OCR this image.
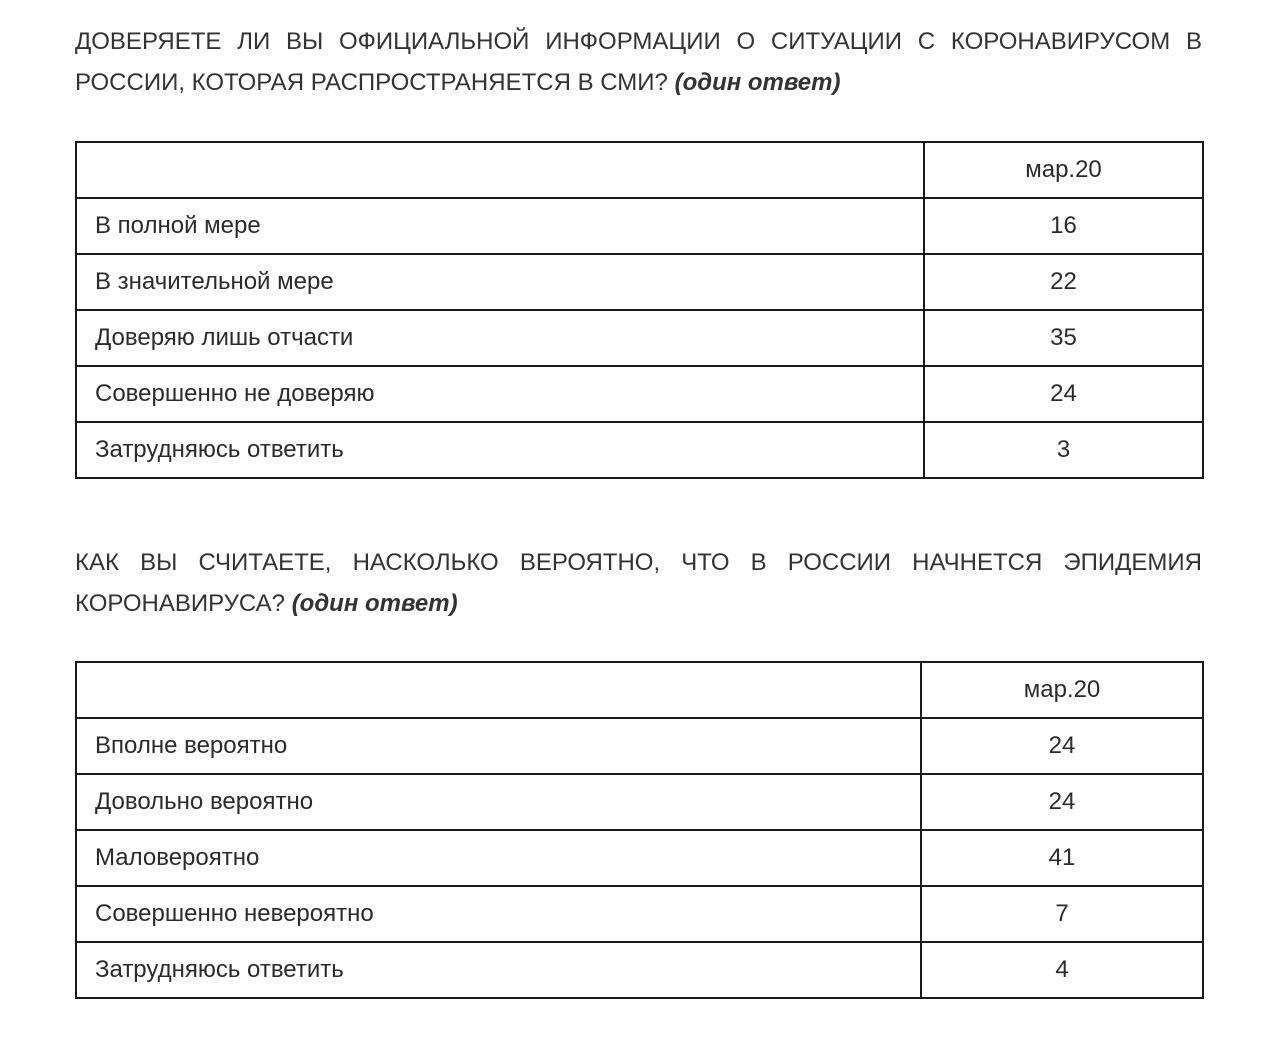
ДОВЕРЯЕТЕ ЛИ ВЫ ОФИЦИАЛЬНОЙ ИНФОРМАЦИИ О СИТУАЦИИ С КОРОНАВИРУСОМ В РОССИИ, КОТОРАЯ РАСПРОСТРАНЯЕТСЯ В СМИ? (один ответ)

	мар.20
В полной мере	16
В значительной мере	22
Доверяю лишь отчасти	35
Совершенно не доверяю	24
Затрудняюсь ответить	3

КАК ВЫ СЧИТАЕТЕ, НАСКОЛЬКО ВЕРОЯТНО, ЧТО В РОССИИ НАЧНЕТСЯ ЭПИДЕМИЯ КОРОНАВИРУСА? (один ответ)

	мар.20
Вполне вероятно	24
Довольно вероятно	24
Маловероятно	41
Совершенно невероятно	7
Затрудняюсь ответить	4
